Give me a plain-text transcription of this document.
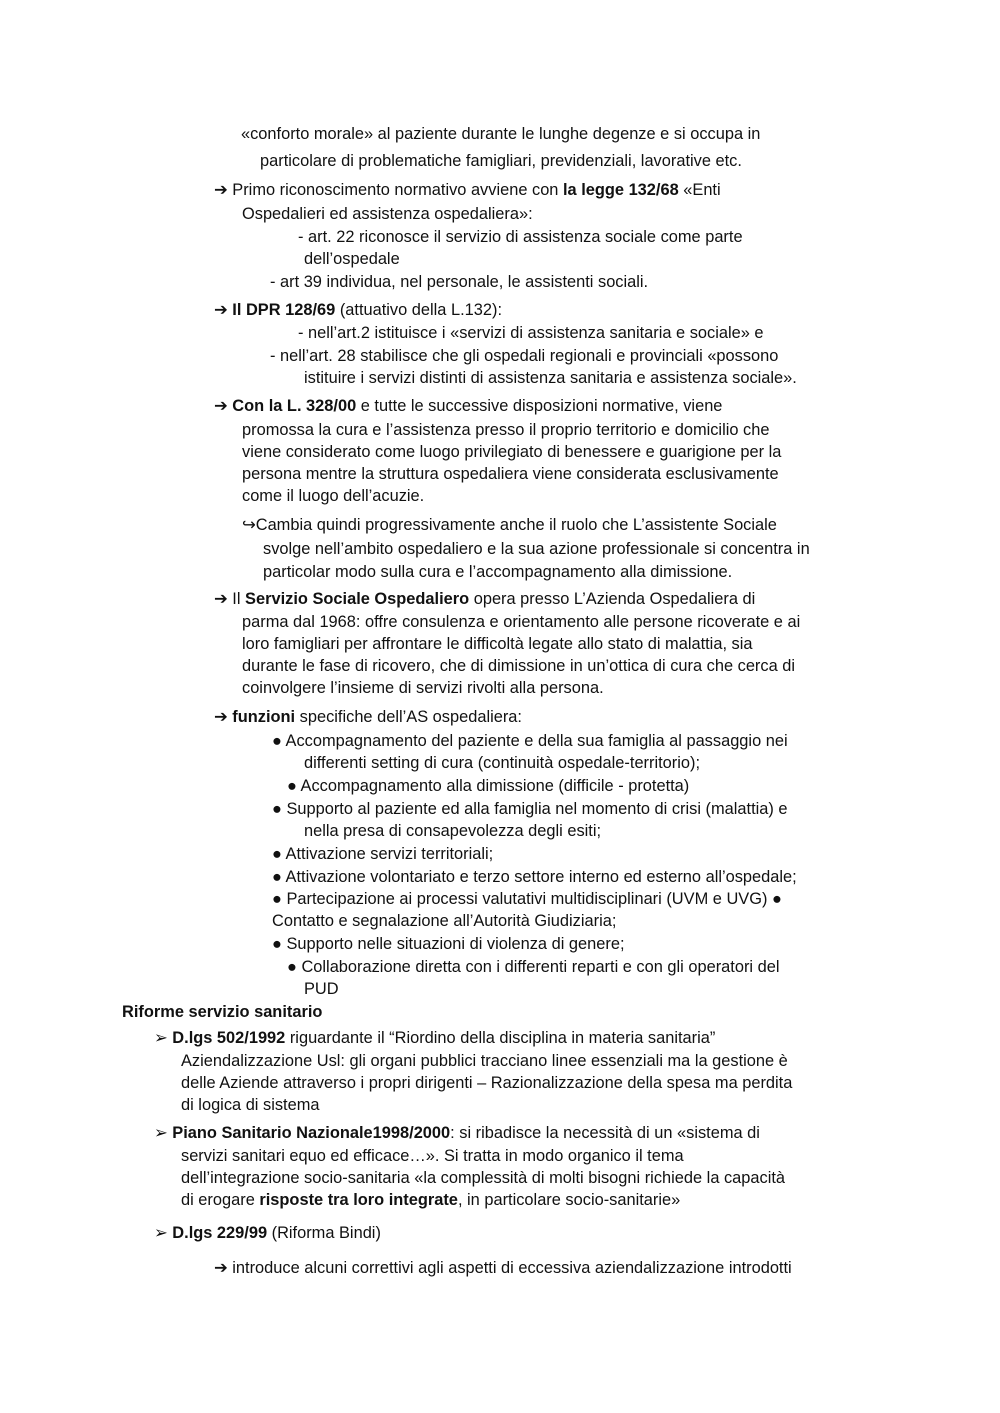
«conforto morale» al paziente durante le lunghe degenze e si occupa in
particolare di problematiche famigliari, previdenziali, lavorative etc.
➔ Primo riconoscimento normativo avviene con la legge 132/68 «Enti
Ospedalieri ed assistenza ospedaliera»:
- art. 22 riconosce il servizio di assistenza sociale come parte
dell’ospedale
- art 39 individua, nel personale, le assistenti sociali.
➔ Il DPR 128/69 (attuativo della L.132):
- nell’art.2 istituisce i «servizi di assistenza sanitaria e sociale» e
- nell’art. 28 stabilisce che gli ospedali regionali e provinciali «possono
istituire i servizi distinti di assistenza sanitaria e assistenza sociale».
➔ Con la L. 328/00 e tutte le successive disposizioni normative, viene
promossa la cura e l’assistenza presso il proprio territorio e domicilio che
viene considerato come luogo privilegiato di benessere e guarigione per la
persona mentre la struttura ospedaliera viene considerata esclusivamente
come il luogo dell’acuzie.
↪Cambia quindi progressivamente anche il ruolo che L’assistente Sociale
svolge nell’ambito ospedaliero e la sua azione professionale si concentra in
particolar modo sulla cura e l’accompagnamento alla dimissione.
➔ Il Servizio Sociale Ospedaliero opera presso L’Azienda Ospedaliera di
parma dal 1968: offre consulenza e orientamento alle persone ricoverate e ai
loro famigliari per affrontare le difficoltà legate allo stato di malattia, sia
durante le fase di ricovero, che di dimissione in un’ottica di cura che cerca di
coinvolgere l’insieme di servizi rivolti alla persona.
➔ funzioni specifiche dell’AS ospedaliera:
● Accompagnamento del paziente e della sua famiglia al passaggio nei
differenti setting di cura (continuità ospedale-territorio);
● Accompagnamento alla dimissione (difficile - protetta)
● Supporto al paziente ed alla famiglia nel momento di crisi (malattia) e
nella presa di consapevolezza degli esiti;
● Attivazione servizi territoriali;
● Attivazione volontariato e terzo settore interno ed esterno all’ospedale;
● Partecipazione ai processi valutativi multidisciplinari (UVM e UVG) ●
Contatto e segnalazione all’Autorità Giudiziaria;
● Supporto nelle situazioni di violenza di genere;
● Collaborazione diretta con i differenti reparti e con gli operatori del
PUD
Riforme servizio sanitario
➢ D.lgs 502/1992 riguardante il “Riordino della disciplina in materia sanitaria”
Aziendalizzazione Usl: gli organi pubblici tracciano linee essenziali ma la gestione è
delle Aziende attraverso i propri dirigenti – Razionalizzazione della spesa ma perdita
di logica di sistema
➢ Piano Sanitario Nazionale1998/2000: si ribadisce la necessità di un «sistema di
servizi sanitari equo ed efficace…». Si tratta in modo organico il tema
dell’integrazione socio-sanitaria «la complessità di molti bisogni richiede la capacità
di erogare risposte tra loro integrate, in particolare socio-sanitarie»
➢ D.lgs 229/99 (Riforma Bindi)
➔ introduce alcuni correttivi agli aspetti di eccessiva aziendalizzazione introdotti
